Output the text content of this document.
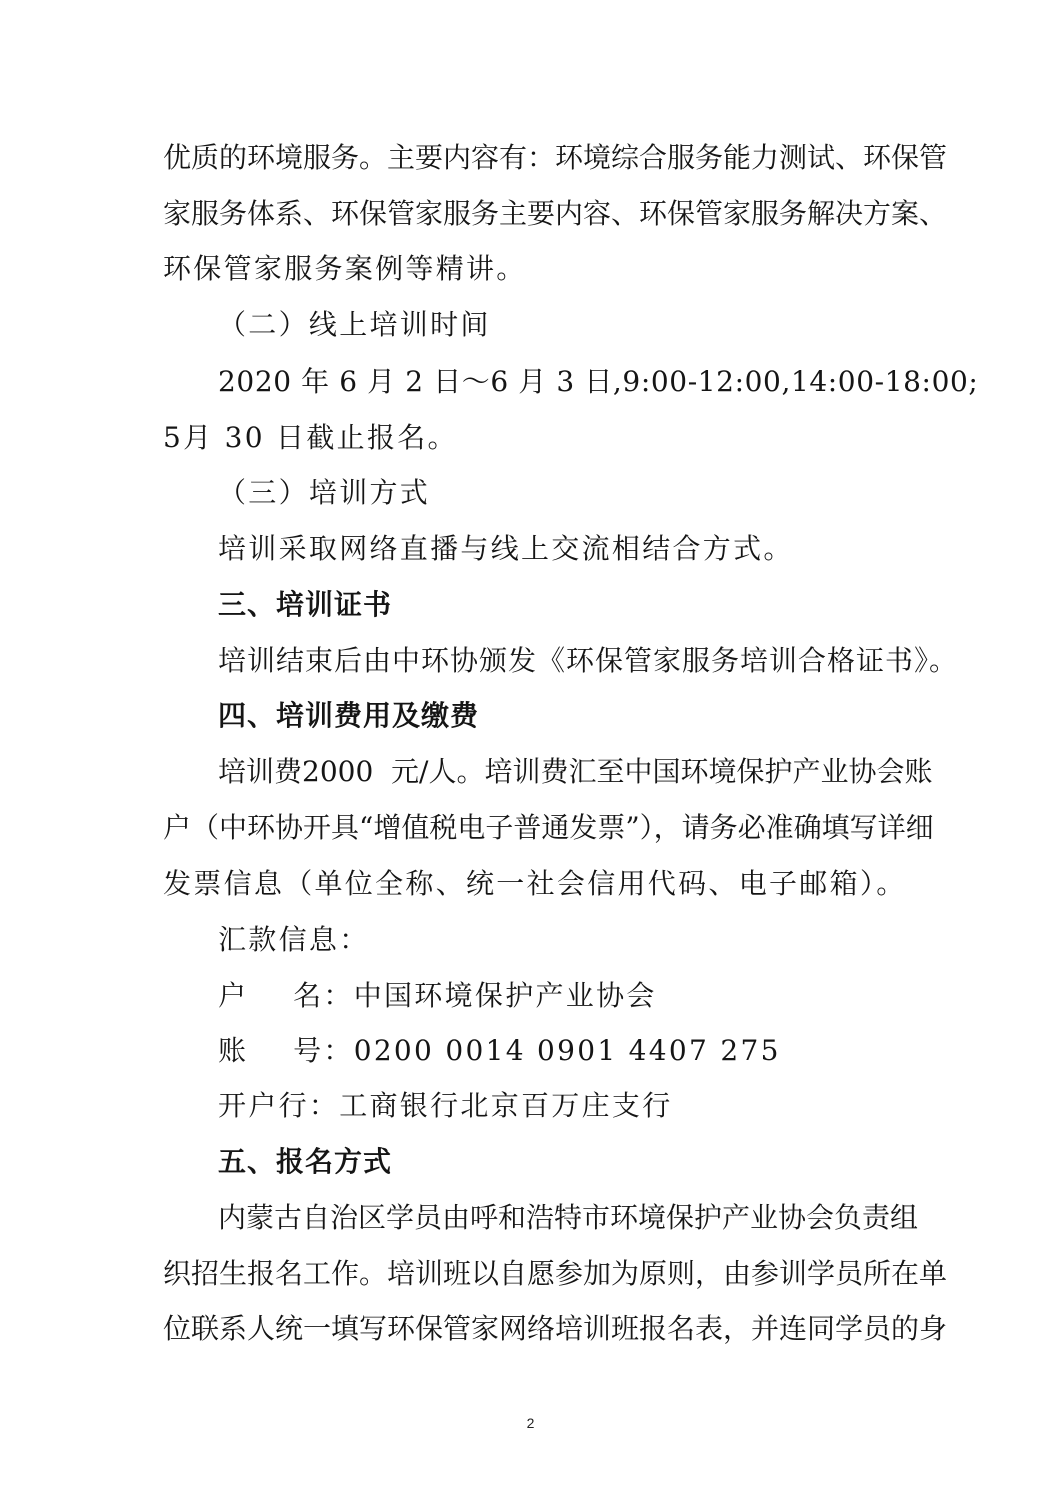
优质的环境服务。主要内容有：环境综合服务能力测试、环保管
家服务体系、环保管家服务主要内容、环保管家服务解决方案、
环保管家服务案例等精讲。
（二）线上培训时间
2020 年 6 月 2 日～6 月 3 日,9:00-12:00,14:00-18:00;
5月 30 日截止报名。
（三）培训方式
培训采取网络直播与线上交流相结合方式。
三、培训证书
培训结束后由中环协颁发《环保管家服务培训合格证书》。
四、培训费用及缴费
培训费2000  元/人。培训费汇至中国环境保护产业协会账
户（中环协开具“增值税电子普通发票”），请务必准确填写详细
发票信息（单位全称、统一社会信用代码、电子邮箱）。
汇款信息：
户    名：中国环境保护产业协会
账    号：0200 0014 0901 4407 275
开户行：工商银行北京百万庄支行
五、报名方式
内蒙古自治区学员由呼和浩特市环境保护产业协会负责组
织招生报名工作。培训班以自愿参加为原则，由参训学员所在单
位联系人统一填写环保管家网络培训班报名表，并连同学员的身
2
